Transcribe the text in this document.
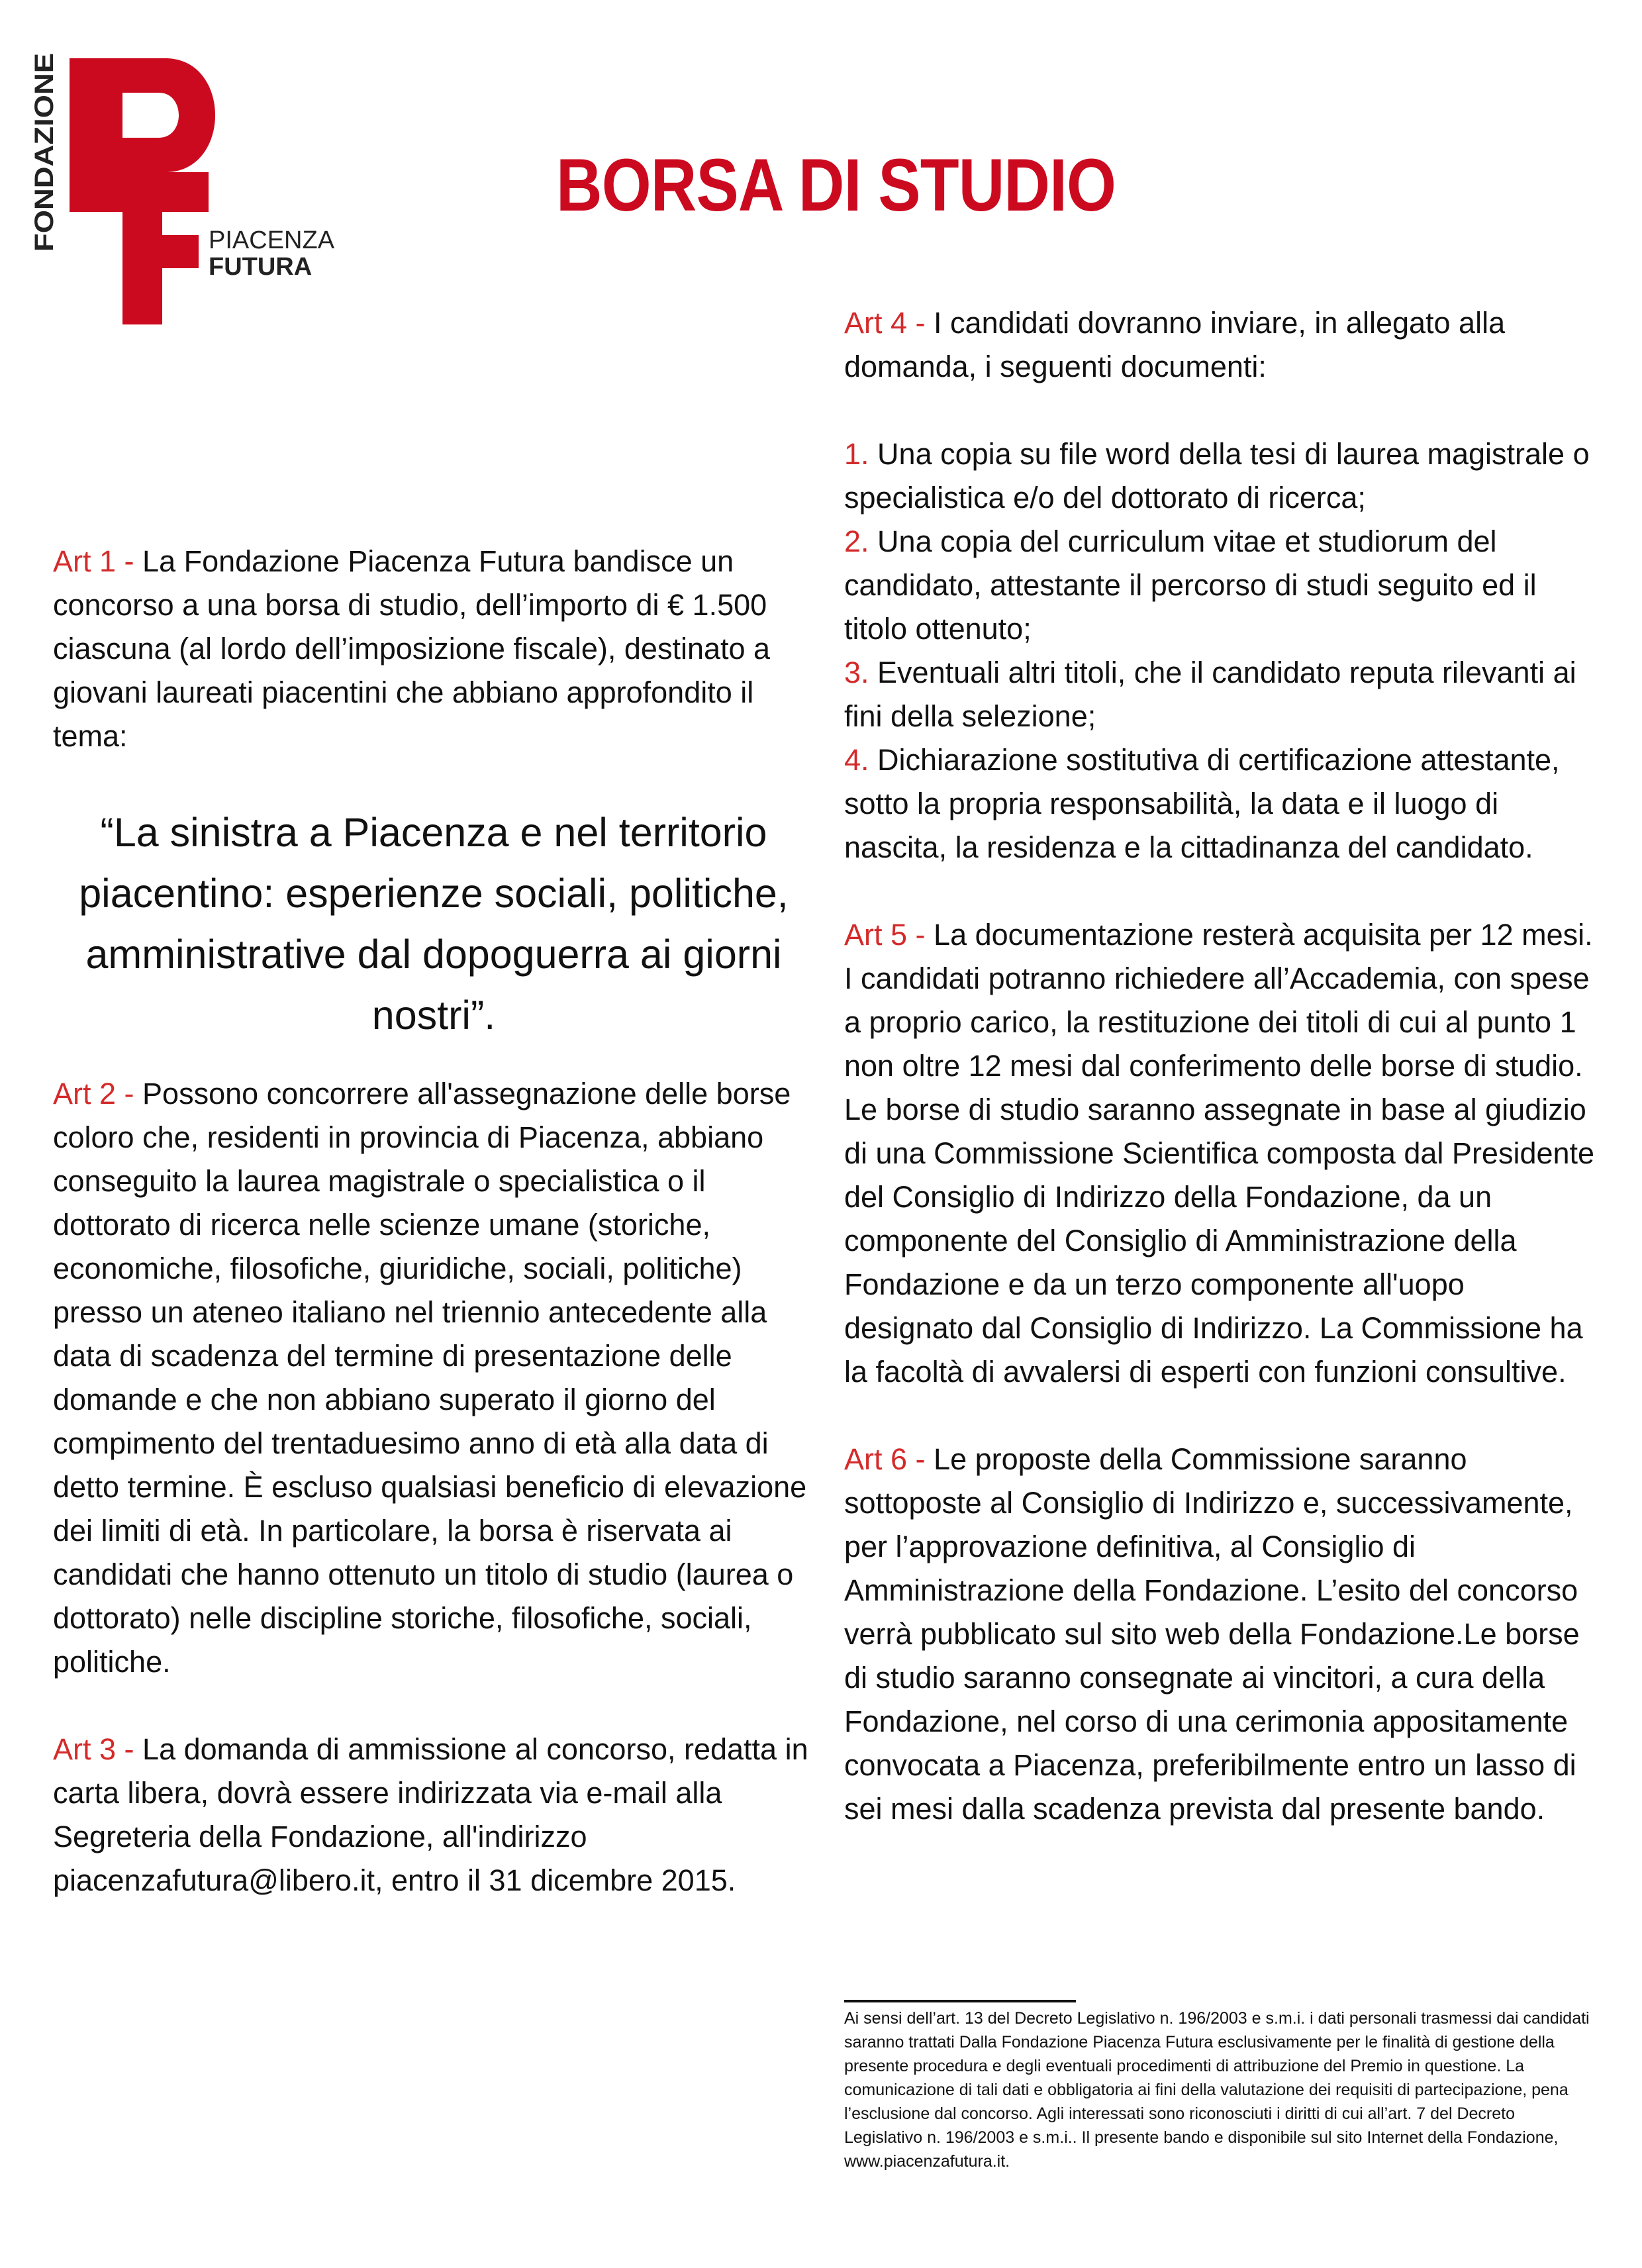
FONDAZIONE	PIACENZA
FUTURA
BORSA DI STUDIO

Art 1 - La Fondazione Piacenza Futura bandisce un concorso a una borsa di studio, dell’importo di € 1.500 ciascuna (al lordo dell’imposizione fiscale), destinato a giovani laureati piacentini che abbiano approfondito il tema:

“La sinistra a Piacenza e nel territorio piacentino: esperienze sociali, politiche, amministrative dal dopoguerra ai giorni nostri”.

Art 2 - Possono concorrere all'assegnazione delle borse coloro che, residenti in provincia di Piacenza, abbiano conseguito la laurea magistrale o specialistica o il dottorato di ricerca nelle scienze umane (storiche, economiche, filosofiche, giuridiche, sociali, politiche) presso un ateneo italiano nel triennio antecedente alla data di scadenza del termine di presentazione delle domande e che non abbiano superato il giorno del compimento del trentaduesimo anno di età alla data di detto termine. È escluso qualsiasi beneficio di elevazione dei limiti di età. In particolare, la borsa è riservata ai candidati che hanno ottenuto un titolo di studio (laurea o dottorato) nelle discipline storiche, filosofiche, sociali, politiche.

Art 3 - La domanda di ammissione al concorso, redatta in carta libera, dovrà essere indirizzata via e-mail alla Segreteria della Fondazione, all'indirizzo piacenzafutura@libero.it, entro il 31 dicembre 2015.

Art 4 - I candidati dovranno inviare, in allegato alla domanda, i seguenti documenti:

1. Una copia su file word della tesi di laurea magistrale o specialistica e/o del dottorato di ricerca;

2. Una copia del curriculum vitae et studiorum del candidato, attestante il percorso di studi seguito ed il titolo ottenuto;

3. Eventuali altri titoli, che il candidato reputa rilevanti ai fini della selezione;

4. Dichiarazione sostitutiva di certificazione attestante, sotto la propria responsabilità, la data e il luogo di nascita, la residenza e la cittadinanza del candidato.

Art 5 - La documentazione resterà acquisita per 12 mesi. I candidati potranno richiedere all’Accademia, con spese a proprio carico, la restituzione dei titoli di cui al punto 1 non oltre 12 mesi dal conferimento delle borse di studio.

Le borse di studio saranno assegnate in base al giudizio di una Commissione Scientifica composta dal Presidente del Consiglio di Indirizzo della Fondazione, da un componente del Consiglio di Amministrazione della Fondazione e da un terzo componente all'uopo designato dal Consiglio di Indirizzo. La Commissione ha la facoltà di avvalersi di esperti con funzioni consultive.

Art 6 - Le proposte della Commissione saranno sottoposte al Consiglio di Indirizzo e, successivamente, per l’approvazione definitiva, al Consiglio di Amministrazione della Fondazione. L’esito del concorso verrà pubblicato sul sito web della Fondazione.Le borse di studio saranno consegnate ai vincitori, a cura della Fondazione, nel corso di una cerimonia appositamente convocata a Piacenza, preferibilmente entro un lasso di sei mesi dalla scadenza prevista dal presente bando.

Ai sensi dell’art. 13 del Decreto Legislativo n. 196/2003 e s.m.i. i dati personali trasmessi dai candidati saranno trattati Dalla Fondazione Piacenza Futura esclusivamente per le finalità di gestione della presente procedura e degli eventuali procedimenti di attribuzione del Premio in questione. La comunicazione di tali dati e obbligatoria ai fini della valutazione dei requisiti di partecipazione, pena l’esclusione dal concorso. Agli interessati sono riconosciuti i diritti di cui all’art. 7 del Decreto Legislativo n. 196/2003 e s.m.i.. Il presente bando e disponibile sul sito Internet della Fondazione, www.piacenzafutura.it.
